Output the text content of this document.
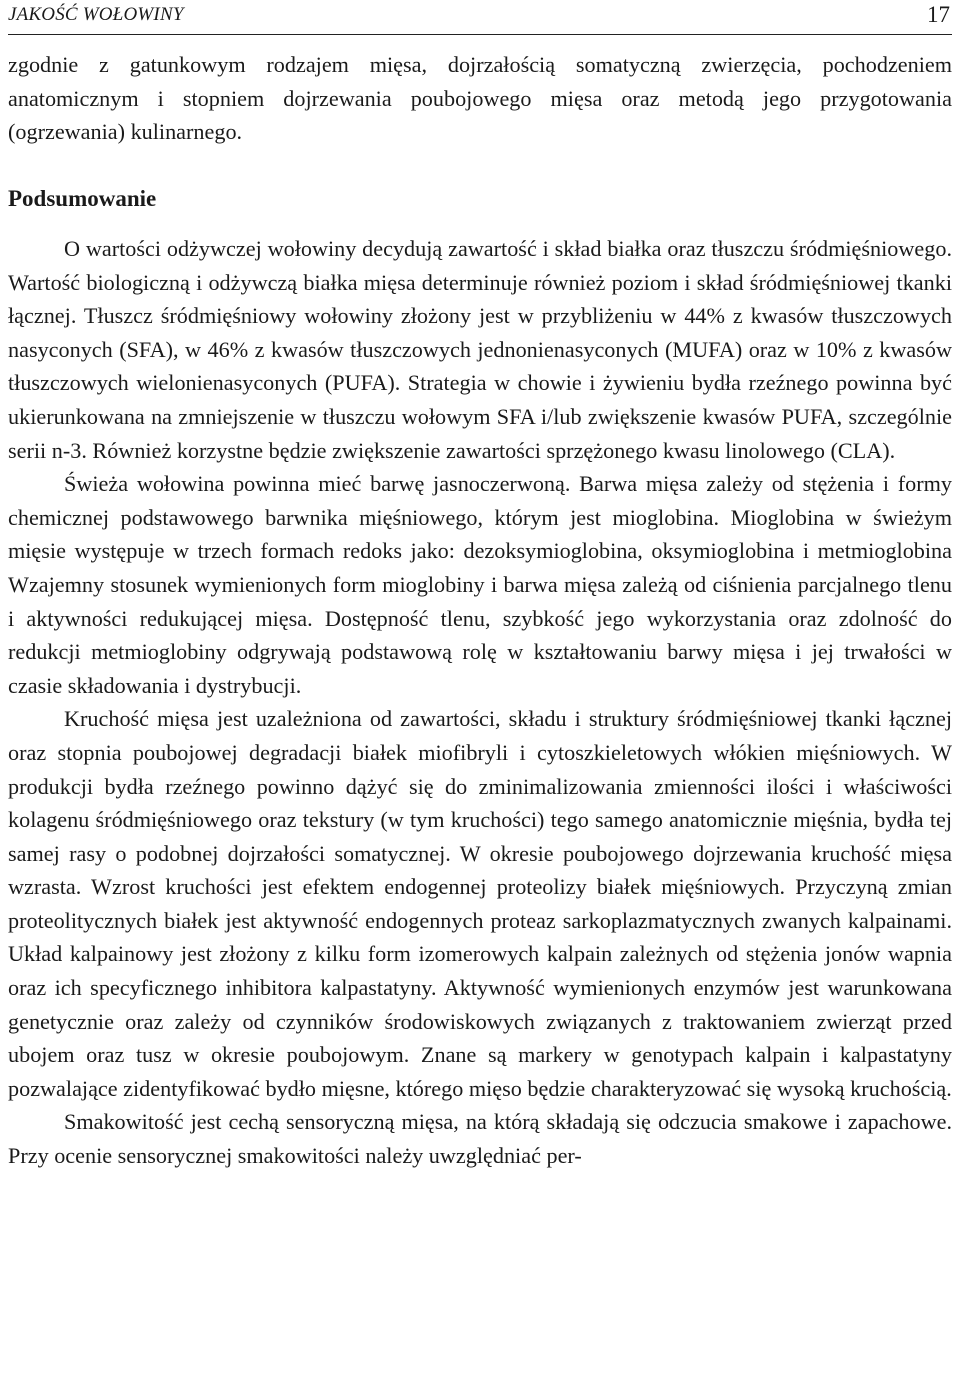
JAKOŚĆ WOŁOWINY	17

zgodnie z gatunkowym rodzajem mięsa, dojrzałością somatyczną zwierzęcia, pochodzeniem anatomicznym i stopniem dojrzewania poubojowego mięsa oraz metodą jego przygotowania (ogrzewania) kulinarnego.

Podsumowanie

O wartości odżywczej wołowiny decydują zawartość i skład białka oraz tłuszczu śródmięśniowego. Wartość biologiczną i odżywczą białka mięsa determinuje również poziom i skład śródmięśniowej tkanki łącznej. Tłuszcz śródmięśniowy wołowiny złożony jest w przybliżeniu w 44% z kwasów tłuszczowych nasyconych (SFA), w 46% z kwasów tłuszczowych jednonienasyconych (MUFA) oraz w 10% z kwasów tłuszczowych wielonienasyconych (PUFA). Strategia w chowie i żywieniu bydła rzeźnego powinna być ukierunkowana na zmniejszenie w tłuszczu wołowym SFA i/lub zwiększenie kwasów PUFA, szczególnie serii n-3. Również korzystne będzie zwiększenie zawartości sprzężonego kwasu linolowego (CLA).

Świeża wołowina powinna mieć barwę jasnoczerwoną. Barwa mięsa zależy od stężenia i formy chemicznej podstawowego barwnika mięśniowego, którym jest mioglobina. Mioglobina w świeżym mięsie występuje w trzech formach redoks jako: dezoksymioglobina, oksymioglobina i metmioglobina Wzajemny stosunek wymienionych form mioglobiny i barwa mięsa zależą od ciśnienia parcjalnego tlenu i aktywności redukującej mięsa. Dostępność tlenu, szybkość jego wykorzystania oraz zdolność do redukcji metmioglobiny odgrywają podstawową rolę w kształtowaniu barwy mięsa i jej trwałości w czasie składowania i dystrybucji.

Kruchość mięsa jest uzależniona od zawartości, składu i struktury śródmięśniowej tkanki łącznej oraz stopnia poubojowej degradacji białek miofibryli i cytoszkieletowych włókien mięśniowych. W produkcji bydła rzeźnego powinno dążyć się do zminimalizowania zmienności ilości i właściwości kolagenu śródmięśniowego oraz tekstury (w tym kruchości) tego samego anatomicznie mięśnia, bydła tej samej rasy o podobnej dojrzałości somatycznej. W okresie poubojowego dojrzewania kruchość mięsa wzrasta. Wzrost kruchości jest efektem endogennej proteolizy białek mięśniowych. Przyczyną zmian proteolitycznych białek jest aktywność endogennych proteaz sarkoplazmatycznych zwanych kalpainami. Układ kalpainowy jest złożony z kilku form izomerowych kalpain zależnych od stężenia jonów wapnia oraz ich specyficznego inhibitora kalpastatyny. Aktywność wymienionych enzymów jest warunkowana genetycznie oraz zależy od czynników środowiskowych związanych z traktowaniem zwierząt przed ubojem oraz tusz w okresie poubojowym. Znane są markery w genotypach kalpain i kalpastatyny pozwalające zidentyfikować bydło mięsne, którego mięso będzie charakteryzować się wysoką kruchością.

Smakowitość jest cechą sensoryczną mięsa, na którą składają się odczucia smakowe i zapachowe. Przy ocenie sensorycznej smakowitości należy uwzględniać per-
